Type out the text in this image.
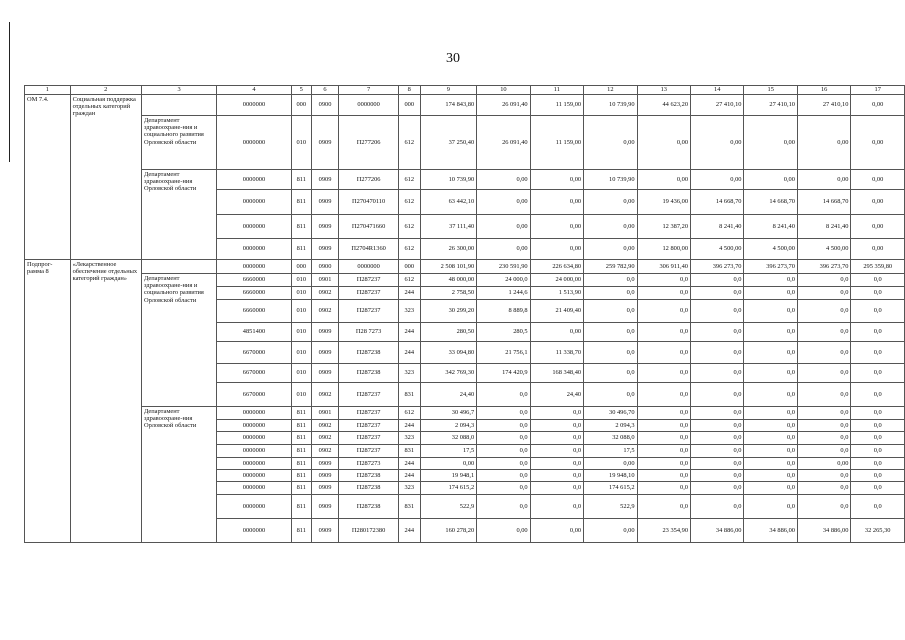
30
1	2	3	4	5	6	7	8	9	10	11	12	13	14	15	16	17
ОМ 7.4.	Социальная поддержка отдельных категорий граждан		0000000	000	0900	0000000	000	174 843,80	26 091,40	11 159,00	10 739,90	44 623,20	27 410,10	27 410,10	27 410,10	0,00
		Департамент здравоохране-ния и социального развития Орловской области	0000000	010	0909	П277206	612	37 250,40	26 091,40	11 159,00	0,00	0,00	0,00	0,00	0,00	0,00
		Департамент здравоохране-ния Орловской области	0000000	811	0909	П277206	612	10 739,90	0,00	0,00	10 739,90	0,00	0,00	0,00	0,00	0,00
			0000000	811	0909	П270470110	612	63 442,10	0,00	0,00	0,00	19 436,00	14 668,70	14 668,70	14 668,70	0,00
			0000000	811	0909	П270471660	612	37 111,40	0,00	0,00	0,00	12 387,20	8 241,40	8 241,40	8 241,40	0,00
			0000000	811	0909	П2704R1360	612	26 300,00	0,00	0,00	0,00	12 800,00	4 500,00	4 500,00	4 500,00	0,00
Подпрог-рамма 8	«Лекарственное обеспечение отдельных категорий граждан»		0000000	000	0900	0000000	000	2 508 101,90	230 591,90	226 634,80	259 782,90	306 911,40	396 273,70	396 273,70	396 273,70	295 359,80
		Департамент здравоохране-ния и социального развития Орловской области	6660000	010	0901	П287237	612	48 000,00	24 000,0	24 000,00	0,0	0,0	0,0	0,0	0,0	0,0
			6660000	010	0902	П287237	244	2 758,50	1 244,6	1 513,90	0,0	0,0	0,0	0,0	0,0	0,0
			6660000	010	0902	П287237	323	30 299,20	8 889,8	21 409,40	0,0	0,0	0,0	0,0	0,0	0,0
			4851400	010	0909	П28 7273	244	280,50	280,5	0,00	0,0	0,0	0,0	0,0	0,0	0,0
			6670000	010	0909	П287238	244	33 094,80	21 756,1	11 338,70	0,0	0,0	0,0	0,0	0,0	0,0
			6670000	010	0909	П287238	323	342 769,30	174 420,9	168 348,40	0,0	0,0	0,0	0,0	0,0	0,0
			6670000	010	0902	П287237	831	24,40	0,0	24,40	0,0	0,0	0,0	0,0	0,0	0,0
		Департамент здравоохране-ния Орловской области	0000000	811	0901	П287237	612	30 496,7	0,0	0,0	30 496,70	0,0	0,0	0,0	0,0	0,0
			0000000	811	0902	П287237	244	2 094,3	0,0	0,0	2 094,3	0,0	0,0	0,0	0,0	0,0
			0000000	811	0902	П287237	323	32 088,0	0,0	0,0	32 088,0	0,0	0,0	0,0	0,0	0,0
			0000000	811	0902	П287237	831	17,5	0,0	0,0	17,5	0,0	0,0	0,0	0,0	0,0
			0000000	811	0909	П287273	244	0,00	0,0	0,0	0,00	0,0	0,0	0,0	0,00	0,0
			0000000	811	0909	П287238	244	19 948,1	0,0	0,0	19 948,10	0,0	0,0	0,0	0,0	0,0
			0000000	811	0909	П287238	323	174 615,2	0,0	0,0	174 615,2	0,0	0,0	0,0	0,0	0,0
			0000000	811	0909	П287238	831	522,9	0,0	0,0	522,9	0,0	0,0	0,0	0,0	0,0
			0000000	811	0909	П280172380	244	160 278,20	0,00	0,00	0,00	23 354,90	34 886,00	34 886,00	34 886,00	32 265,30
